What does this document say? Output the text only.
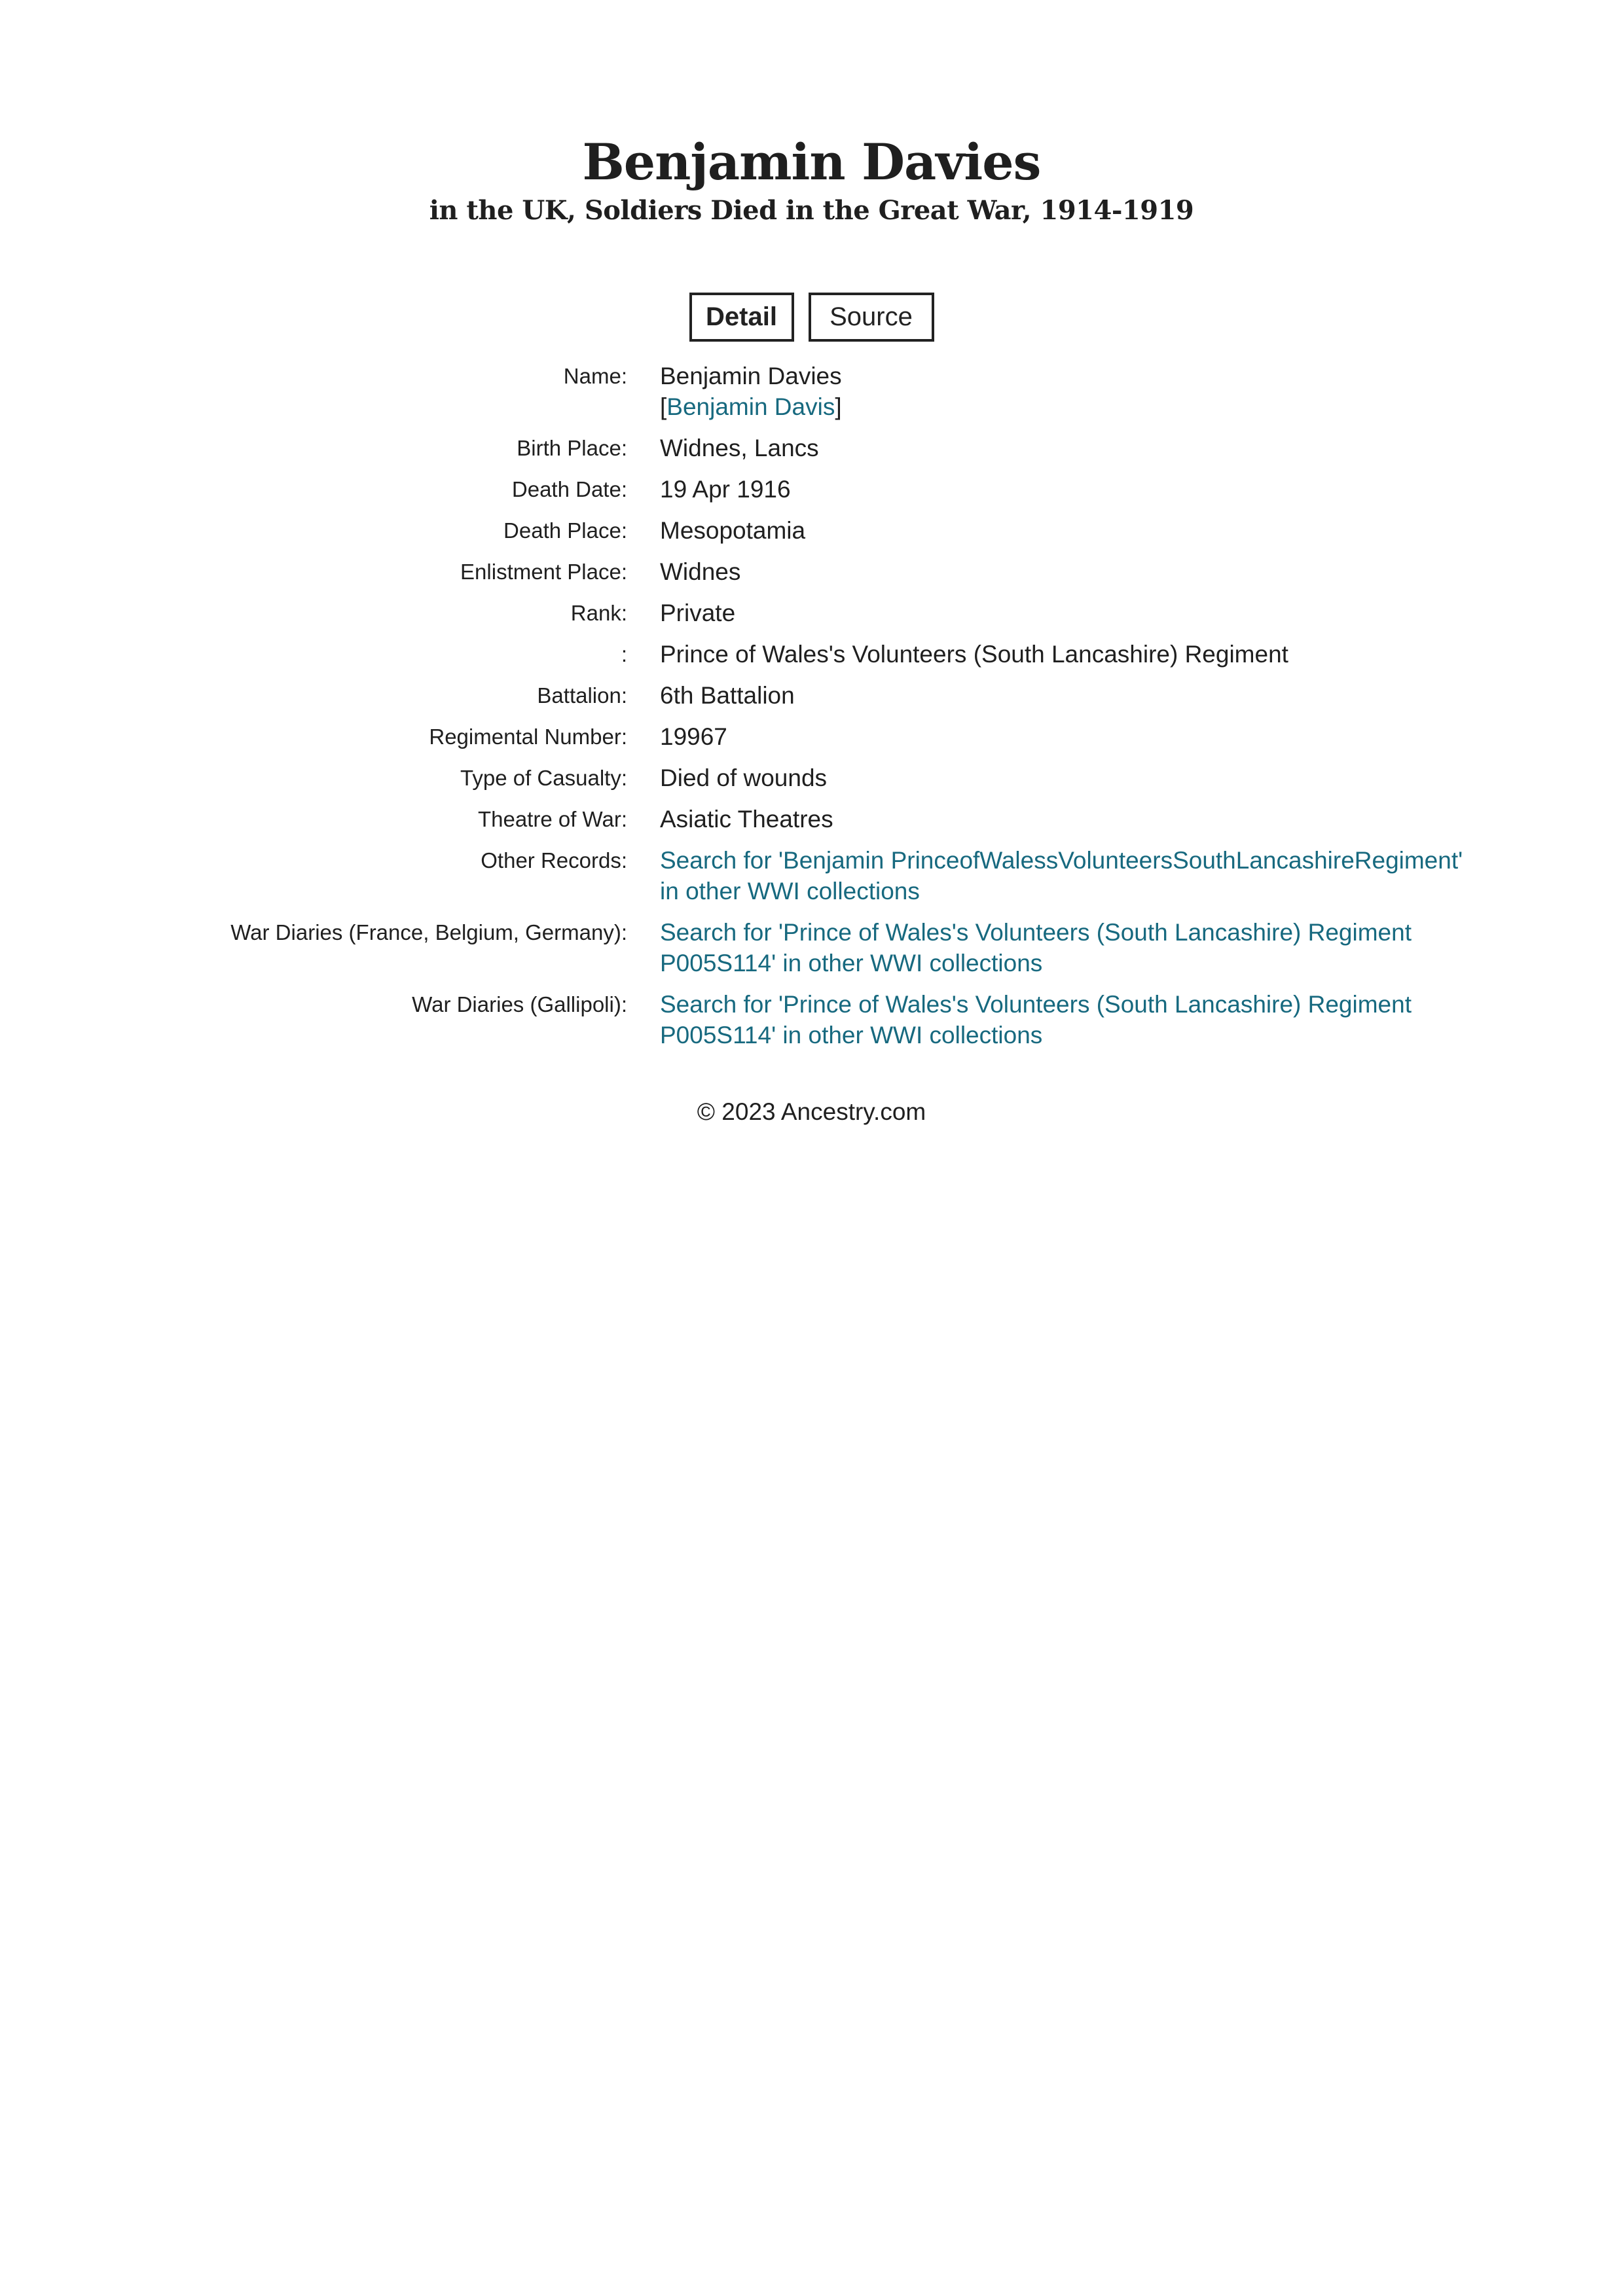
Benjamin Davies
in the UK, Soldiers Died in the Great War, 1914-1919
Detail	Source
Name:	Benjamin Davies
[Benjamin Davis]
Birth Place:	Widnes, Lancs
Death Date:	19 Apr 1916
Death Place:	Mesopotamia
Enlistment Place:	Widnes
Rank:	Private
:	Prince of Wales's Volunteers (South Lancashire) Regiment
Battalion:	6th Battalion
Regimental Number:	19967
Type of Casualty:	Died of wounds
Theatre of War:	Asiatic Theatres
Other Records:	Search for 'Benjamin PrinceofWalessVolunteersSouthLancashireRegiment' in other WWI collections
War Diaries (France, Belgium, Germany):	Search for 'Prince of Wales's Volunteers (South Lancashire) Regiment P005S114' in other WWI collections
War Diaries (Gallipoli):	Search for 'Prince of Wales's Volunteers (South Lancashire) Regiment P005S114' in other WWI collections
© 2023 Ancestry.com
